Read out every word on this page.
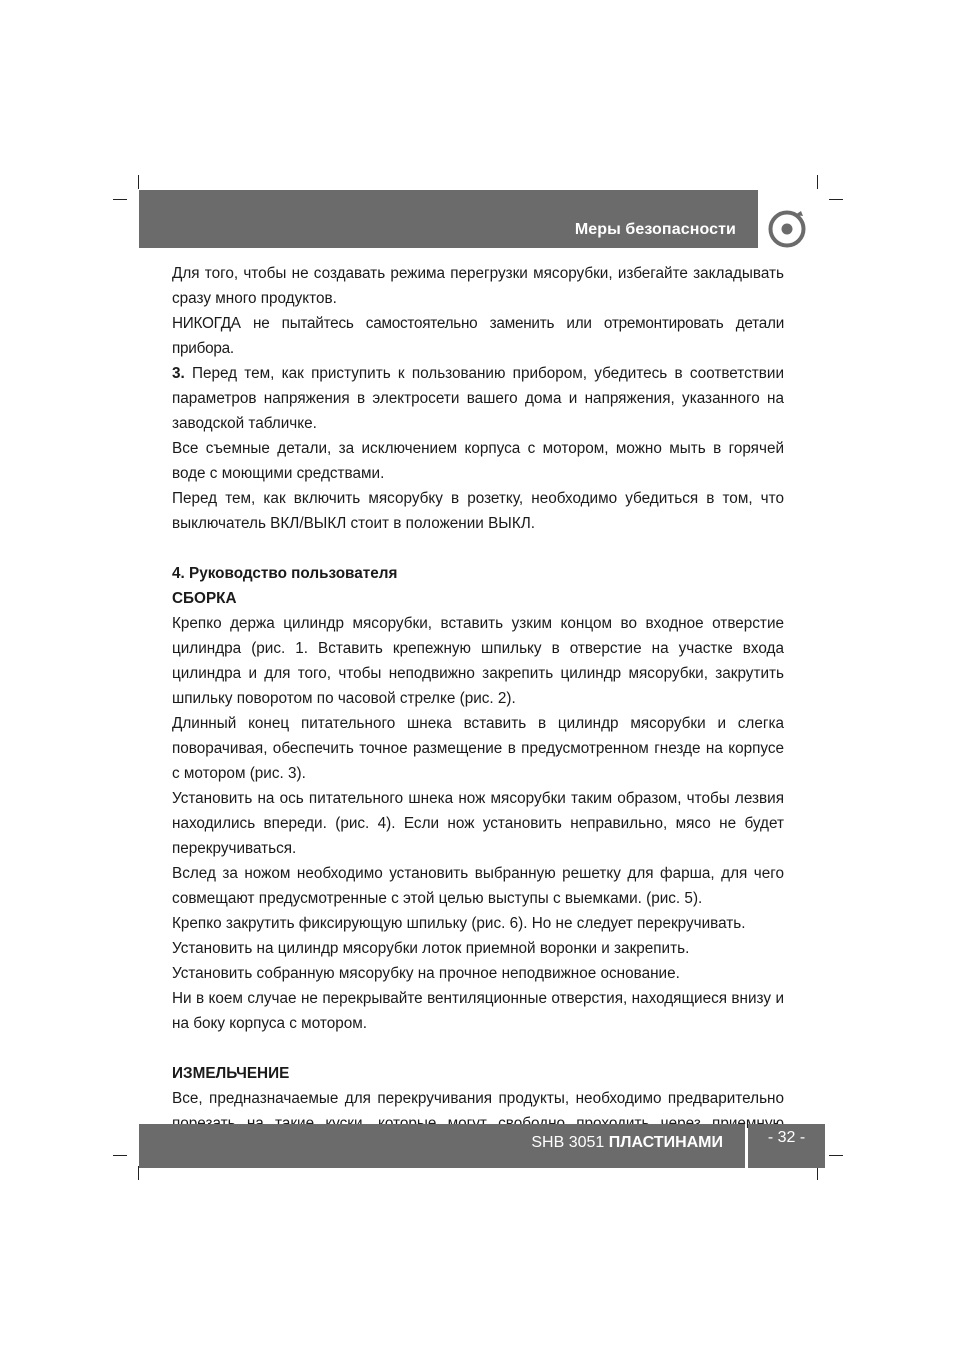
Меры безопасности

Для того, чтобы не создавать режима перегрузки мясорубки, избегайте закладывать сразу много продуктов.

НИКОГДА не пытайтесь самостоятельно заменить или отремонтировать детали прибора.

3. Перед тем, как приступить к пользованию прибором, убедитесь в соответствии параметров напряжения в электросети вашего дома и напряжения, указанного на заводской табличке.

Все съемные детали, за исключением корпуса с мотором, можно мыть в горячей воде с моющими средствами.

Перед тем, как включить мясорубку в розетку, необходимо убедиться в том, что выключатель ВКЛ/ВЫКЛ стоит в положении ВЫКЛ.

4. Руководство пользователя

СБОРКА

Крепко держа цилиндр мясорубки, вставить узким концом во входное отверстие цилиндра (рис. 1. Вставить крепежную шпильку в отверстие на участке входа цилиндра и для того, чтобы неподвижно закрепить цилиндр мясорубки, закрутить шпильку поворотом по часовой стрелке (рис. 2).

Длинный конец питательного шнека вставить в цилиндр мясорубки и слегка поворачивая, обеспечить точное размещение в предусмотренном гнезде на корпусе с мотором (рис. 3).

Установить на ось питательного шнека нож мясорубки таким образом, чтобы лезвия находились впереди. (рис. 4). Если нож установить неправильно, мясо не будет перекручиваться.

Вслед за ножом необходимо установить выбранную решетку для фарша, для чего совмещают предусмотренные с этой целью выступы с выемками. (рис. 5).

Крепко закрутить фиксирующую шпильку (рис. 6). Но не следует перекручивать.

Установить на цилиндр мясорубки лоток приемной воронки и закрепить.

Установить собранную мясорубку на прочное неподвижное основание.

Ни в коем случае не перекрывайте вентиляционные отверстия, находящиеся внизу и на боку корпуса с мотором.

ИЗМЕЛЬЧЕНИЕ

Все, предназначаемые для перекручивания продукты, необходимо предварительно

SHB 3051 ПЛАСТИНАМИ	- 32 -
